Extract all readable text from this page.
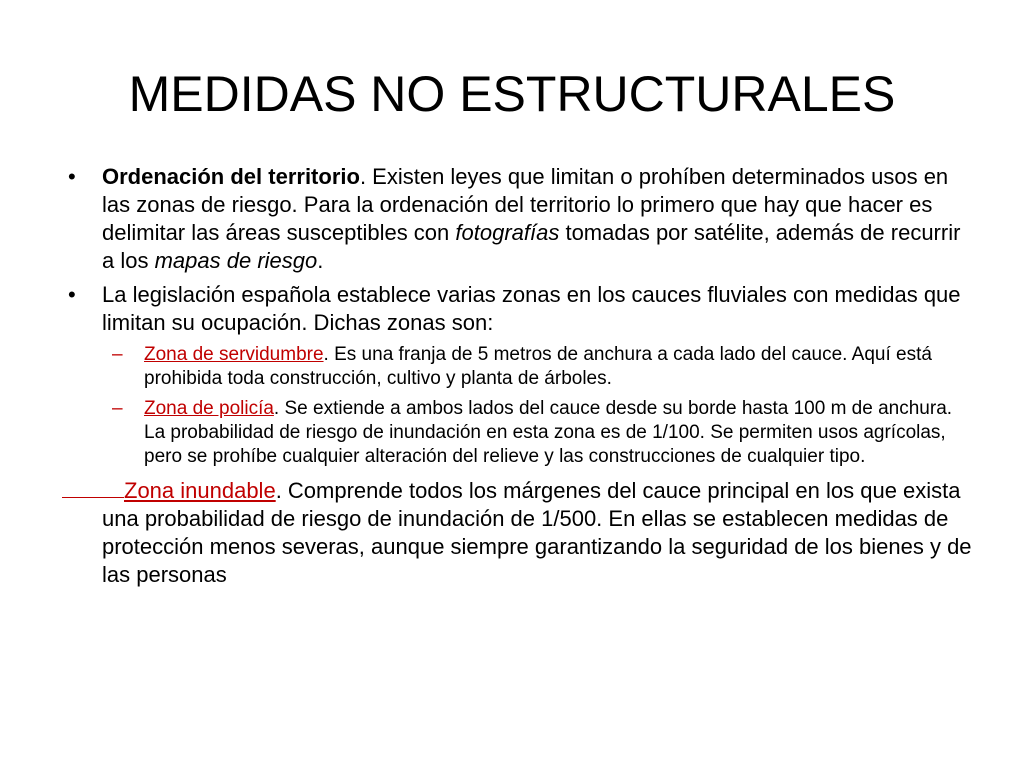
MEDIDAS NO ESTRUCTURALES

•	Ordenación del territorio. Existen leyes que limitan o prohíben determinados usos en las zonas de riesgo. Para la ordenación del territorio lo primero que hay que hacer es delimitar las áreas susceptibles con fotografías tomadas por satélite, además de recurrir a los mapas de riesgo.

•	La legislación española establece varias zonas en los cauces fluviales con medidas que limitan su ocupación. Dichas zonas son:

– Zona de servidumbre. Es una franja de 5 metros de anchura a cada lado del cauce. Aquí está prohibida toda construcción, cultivo y planta de árboles.

– Zona de policía. Se extiende a ambos lados del cauce desde su borde hasta 100 m de anchura. La probabilidad de riesgo de inundación en esta zona es de 1/100. Se permiten usos agrícolas, pero se prohíbe cualquier alteración del relieve y las construcciones de cualquier tipo.

Zona inundable. Comprende todos los márgenes del cauce principal en los que exista una probabilidad de riesgo de inundación de 1/500. En ellas se establecen medidas de protección menos severas, aunque siempre garantizando la seguridad de los bienes y de las personas
